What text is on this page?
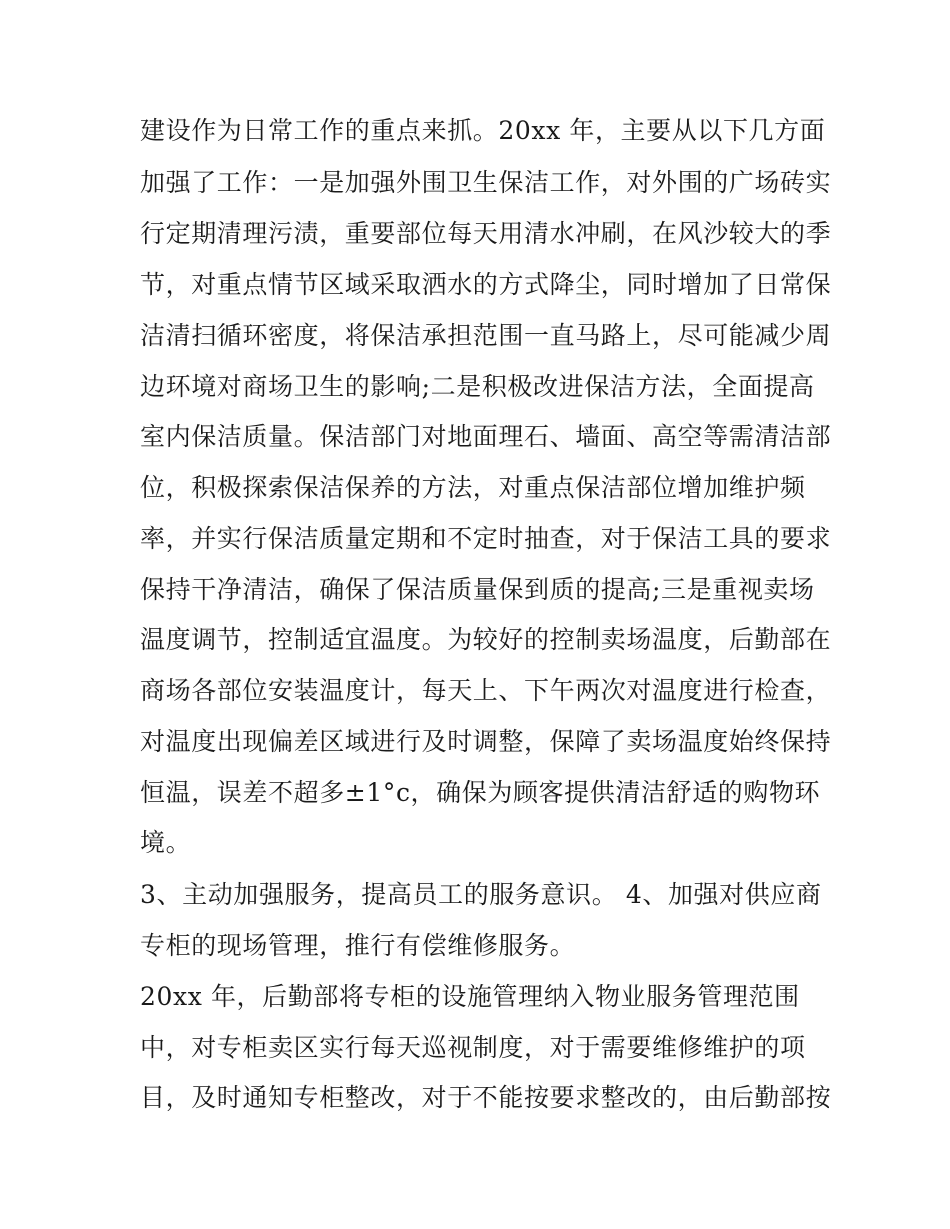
建设作为日常工作的重点来抓。20xx 年，主要从以下几方面
加强了工作：一是加强外围卫生保洁工作，对外围的广场砖实
行定期清理污渍，重要部位每天用清水冲刷，在风沙较大的季
节，对重点情节区域采取洒水的方式降尘，同时增加了日常保
洁清扫循环密度，将保洁承担范围一直马路上，尽可能减少周
边环境对商场卫生的影响;二是积极改进保洁方法，全面提高
室内保洁质量。保洁部门对地面理石、墙面、高空等需清洁部
位，积极探索保洁保养的方法，对重点保洁部位增加维护频
率，并实行保洁质量定期和不定时抽查，对于保洁工具的要求
保持干净清洁，确保了保洁质量保到质的提高;三是重视卖场
温度调节，控制适宜温度。为较好的控制卖场温度，后勤部在
商场各部位安装温度计，每天上、下午两次对温度进行检查，
对温度出现偏差区域进行及时调整，保障了卖场温度始终保持
恒温，误差不超多±1°c，确保为顾客提供清洁舒适的购物环
境。
3、主动加强服务，提高员工的服务意识。 4、加强对供应商
专柜的现场管理，推行有偿维修服务。
20xx 年，后勤部将专柜的设施管理纳入物业服务管理范围
中，对专柜卖区实行每天巡视制度，对于需要维修维护的项
目，及时通知专柜整改，对于不能按要求整改的，由后勤部按
